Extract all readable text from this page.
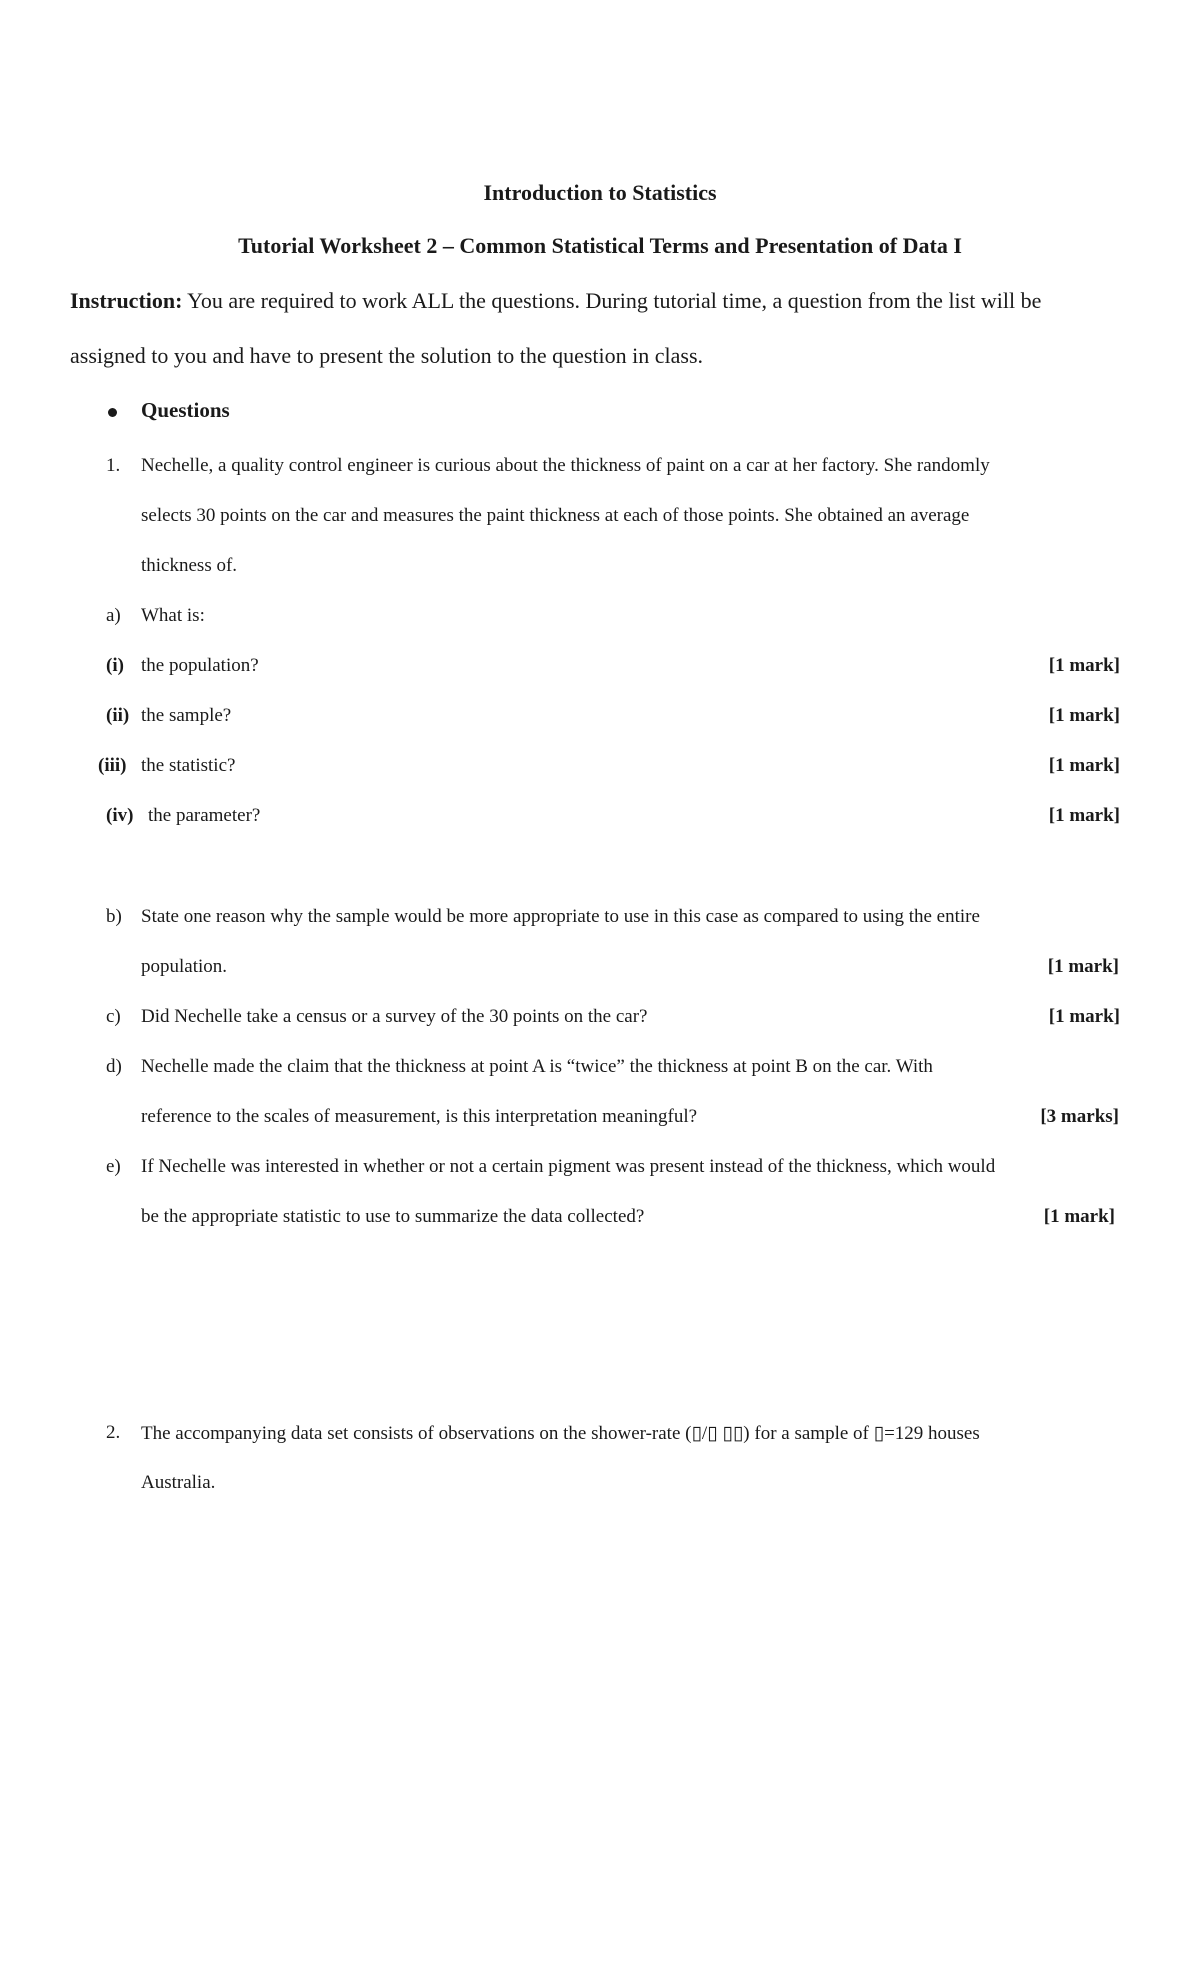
Introduction to Statistics
Tutorial Worksheet 2 – Common Statistical Terms and Presentation of Data I
Instruction: You are required to work ALL the questions. During tutorial time, a question from the list will be
assigned to you and have to present the solution to the question in class.
Questions
1. Nechelle, a quality control engineer is curious about the thickness of paint on a car at her factory. She randomly
selects 30 points on the car and measures the paint thickness at each of those points. She obtained an average
thickness of.
a) What is:
(i) the population?	[1 mark]
(ii) the sample?	[1 mark]
(iii) the statistic?	[1 mark]
(iv) the parameter?	[1 mark]
b) State one reason why the sample would be more appropriate to use in this case as compared to using the entire
population.	[1 mark]
c) Did Nechelle take a census or a survey of the 30 points on the car?	[1 mark]
d) Nechelle made the claim that the thickness at point A is “twice” the thickness at point B on the car. With
reference to the scales of measurement, is this interpretation meaningful?	[3 marks]
e) If Nechelle was interested in whether or not a certain pigment was present instead of the thickness, which would
be the appropriate statistic to use to summarize the data collected?	[1 mark]
2. The accompanying data set consists of observations on the shower-rate (▯/▯ ▯▯) for a sample of ▯=129 houses
Australia.
